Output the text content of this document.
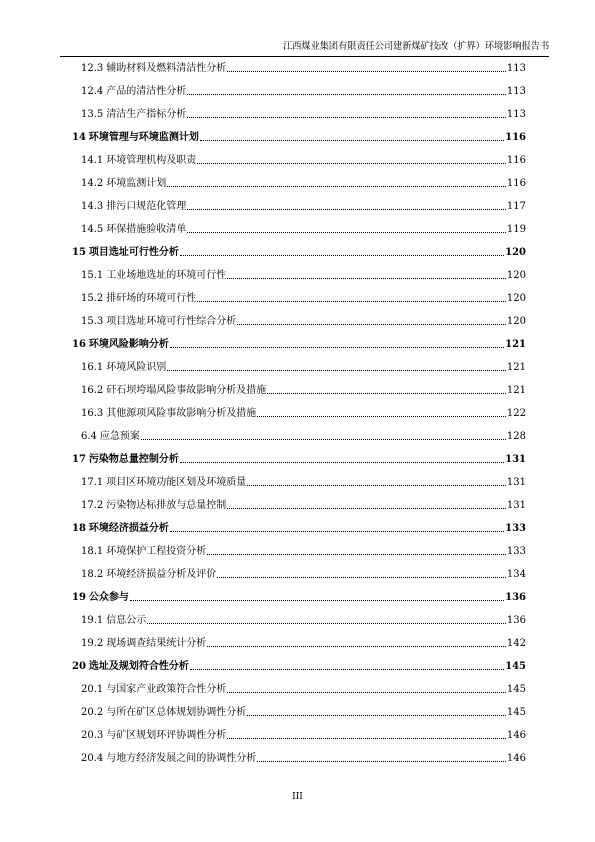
江西煤业集团有限责任公司建新煤矿技改（扩界）环境影响报告书
12.3 辅助材料及燃料清洁性分析	113
12.4 产品的清洁性分析	113
13.5 清洁生产指标分析	113
14 环境管理与环境监测计划	116
14.1 环境管理机构及职责	116
14.2 环境监测计划	116
14.3 排污口规范化管理	117
14.5 环保措施验收清单	119
15 项目选址可行性分析	120
15.1 工业场地选址的环境可行性	120
15.2 排矸场的环境可行性	120
15.3 项目选址环境可行性综合分析	120
16 环境风险影响分析	121
16.1 环境风险识别	121
16.2 矸石坝垮塌风险事故影响分析及措施	121
16.3 其他源项风险事故影响分析及措施	122
6.4 应急预案	128
17 污染物总量控制分析	131
17.1 项目区环境功能区划及环境质量	131
17.2 污染物达标排放与总量控制	131
18 环境经济损益分析	133
18.1 环境保护工程投资分析	133
18.2 环境经济损益分析及评价	134
19 公众参与	136
19.1 信息公示	136
19.2 现场调查结果统计分析	142
20 选址及规划符合性分析	145
20.1 与国家产业政策符合性分析	145
20.2 与所在矿区总体规划协调性分析	145
20.3 与矿区规划环评协调性分析	146
20.4 与地方经济发展之间的协调性分析	146
III
